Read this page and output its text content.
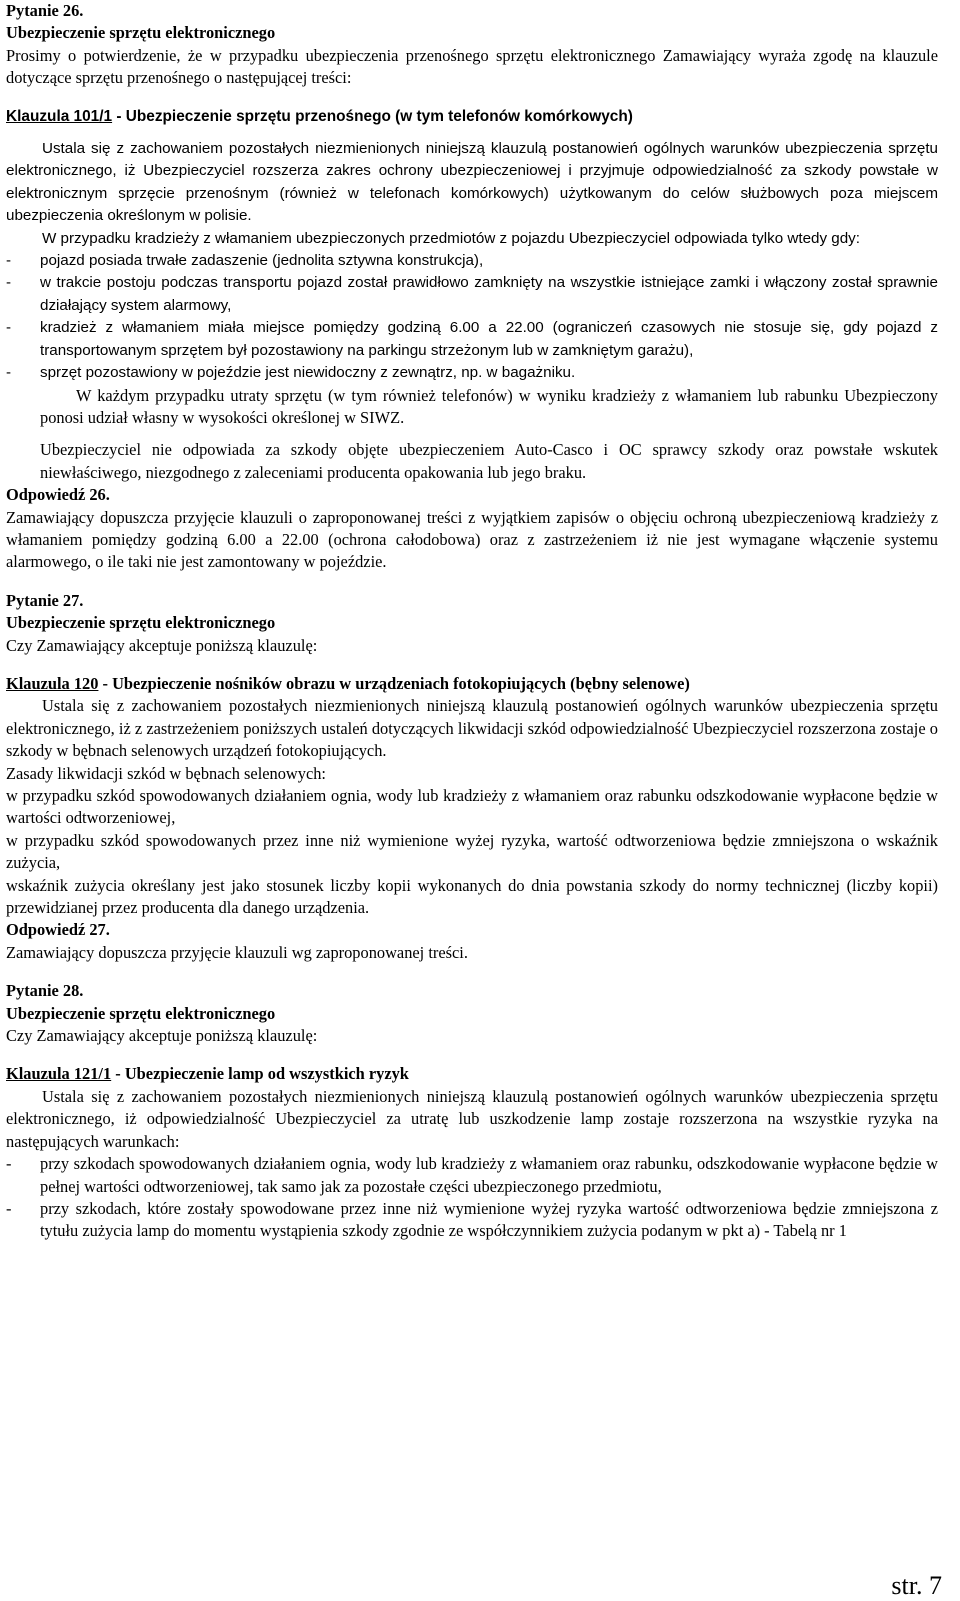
Pytanie 26.

Ubezpieczenie sprzętu elektronicznego

Prosimy o potwierdzenie, że w przypadku ubezpieczenia przenośnego sprzętu elektronicznego Zamawiający wyraża zgodę na klauzule dotyczące sprzętu przenośnego o następującej treści:

Klauzula 101/1 - Ubezpieczenie sprzętu przenośnego (w tym telefonów komórkowych)

Ustala się z zachowaniem pozostałych niezmienionych niniejszą klauzulą postanowień ogólnych warunków ubezpieczenia sprzętu elektronicznego, iż Ubezpieczyciel rozszerza zakres ochrony ubezpieczeniowej i przyjmuje odpowiedzialność za szkody powstałe w elektronicznym sprzęcie przenośnym (również w telefonach komórkowych) użytkowanym do celów służbowych poza miejscem ubezpieczenia określonym w polisie.

W przypadku kradzieży z włamaniem ubezpieczonych przedmiotów z pojazdu Ubezpieczyciel odpowiada tylko wtedy gdy:

-	pojazd posiada trwałe zadaszenie (jednolita sztywna konstrukcja),
-	w trakcie postoju podczas transportu pojazd został prawidłowo zamknięty na wszystkie istniejące zamki i włączony został sprawnie działający system alarmowy,
-	kradzież z włamaniem miała miejsce pomiędzy godziną 6.00 a 22.00 (ograniczeń czasowych nie stosuje się, gdy pojazd z transportowanym sprzętem był pozostawiony na parkingu strzeżonym lub w zamkniętym garażu),
-	sprzęt pozostawiony w pojeździe jest niewidoczny z zewnątrz, np. w bagażniku.

W każdym przypadku utraty sprzętu (w tym również telefonów) w wyniku kradzieży z włamaniem lub rabunku Ubezpieczony ponosi udział własny w wysokości określonej w SIWZ.

Ubezpieczyciel nie odpowiada za szkody objęte ubezpieczeniem Auto-Casco i OC sprawcy szkody oraz powstałe wskutek niewłaściwego, niezgodnego z zaleceniami producenta opakowania lub jego braku.

Odpowiedź 26.

Zamawiający dopuszcza przyjęcie klauzuli o zaproponowanej treści z wyjątkiem zapisów o objęciu ochroną ubezpieczeniową kradzieży z włamaniem pomiędzy godziną 6.00 a 22.00 (ochrona całodobowa) oraz z zastrzeżeniem iż nie jest wymagane włączenie systemu alarmowego, o ile taki nie jest zamontowany w pojeździe.

Pytanie 27.

Ubezpieczenie sprzętu elektronicznego

Czy Zamawiający akceptuje poniższą klauzulę:

Klauzula 120 - Ubezpieczenie nośników obrazu w urządzeniach fotokopiujących (bębny selenowe)

Ustala się z zachowaniem pozostałych niezmienionych niniejszą klauzulą postanowień ogólnych warunków ubezpieczenia sprzętu elektronicznego, iż z zastrzeżeniem poniższych ustaleń dotyczących likwidacji szkód odpowiedzialność Ubezpieczyciel rozszerzona zostaje o szkody w bębnach selenowych urządzeń fotokopiujących.

Zasady likwidacji szkód w bębnach selenowych:

w przypadku szkód spowodowanych działaniem ognia, wody lub kradzieży z włamaniem oraz rabunku odszkodowanie wypłacone będzie w wartości odtworzeniowej,

w przypadku szkód spowodowanych przez inne niż wymienione wyżej ryzyka, wartość odtworzeniowa będzie zmniejszona o wskaźnik zużycia,

wskaźnik zużycia określany jest jako stosunek liczby kopii wykonanych do dnia powstania szkody do normy technicznej (liczby kopii) przewidzianej przez producenta dla danego urządzenia.

Odpowiedź 27.

Zamawiający dopuszcza przyjęcie klauzuli wg zaproponowanej treści.

Pytanie 28.

Ubezpieczenie sprzętu elektronicznego

Czy Zamawiający akceptuje poniższą klauzulę:

Klauzula 121/1 - Ubezpieczenie lamp od wszystkich ryzyk

Ustala się z zachowaniem pozostałych niezmienionych niniejszą klauzulą postanowień ogólnych warunków ubezpieczenia sprzętu elektronicznego, iż odpowiedzialność Ubezpieczyciel za utratę lub uszkodzenie lamp zostaje rozszerzona na wszystkie ryzyka na następujących warunkach:

-	przy szkodach spowodowanych działaniem ognia, wody lub kradzieży z włamaniem oraz rabunku, odszkodowanie wypłacone będzie w pełnej wartości odtworzeniowej, tak samo jak za pozostałe części ubezpieczonego przedmiotu,
-	przy szkodach, które zostały spowodowane przez inne niż wymienione wyżej ryzyka wartość odtworzeniowa będzie zmniejszona z tytułu zużycia lamp do momentu wystąpienia szkody zgodnie ze współczynnikiem zużycia podanym w pkt a) - Tabelą nr 1
str. 7
